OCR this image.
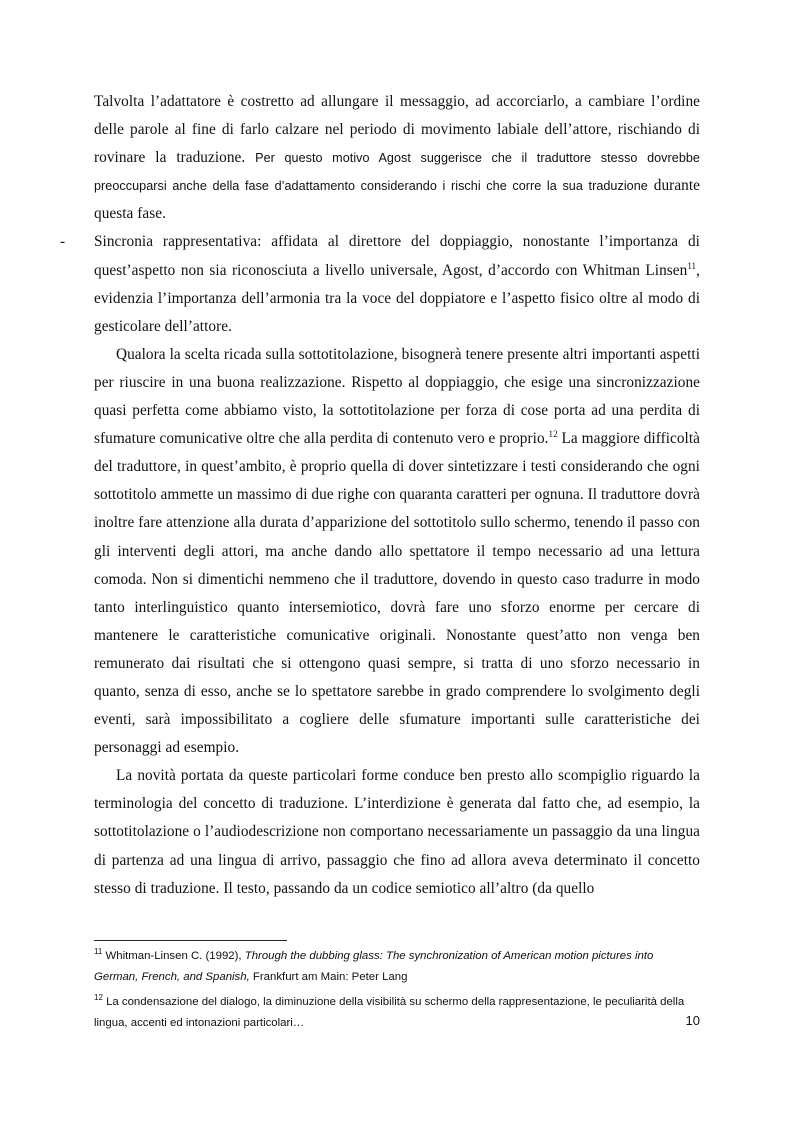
Talvolta l’adattatore è costretto ad allungare il messaggio, ad accorciarlo, a cambiare l’ordine delle parole al fine di farlo calzare nel periodo di movimento labiale dell’attore, rischiando di rovinare la traduzione. Per questo motivo Agost suggerisce che il traduttore stesso dovrebbe preoccuparsi anche della fase d’adattamento considerando i rischi che corre la sua traduzione durante questa fase.

- Sincronia rappresentativa: affidata al direttore del doppiaggio, nonostante l’importanza di quest’aspetto non sia riconosciuta a livello universale, Agost, d’accordo con Whitman Linsen$^{11}$, evidenzia l’importanza dell’armonia tra la voce del doppiatore e l’aspetto fisico oltre al modo di gesticolare dell’attore.

Qualora la scelta ricada sulla sottotitolazione, bisognerà tenere presente altri importanti aspetti per riuscire in una buona realizzazione. Rispetto al doppiaggio, che esige una sincronizzazione quasi perfetta come abbiamo visto, la sottotitolazione per forza di cose porta ad una perdita di sfumature comunicative oltre che alla perdita di contenuto vero e proprio.$^{12}$ La maggiore difficoltà del traduttore, in quest’ambito, è proprio quella di dover sintetizzare i testi considerando che ogni sottotitolo ammette un massimo di due righe con quaranta caratteri per ognuna. Il traduttore dovrà inoltre fare attenzione alla durata d’apparizione del sottotitolo sullo schermo, tenendo il passo con gli interventi degli attori, ma anche dando allo spettatore il tempo necessario ad una lettura comoda. Non si dimentichi nemmeno che il traduttore, dovendo in questo caso tradurre in modo tanto interlinguistico quanto intersemiotico, dovrà fare uno sforzo enorme per cercare di mantenere le caratteristiche comunicative originali. Nonostante quest’atto non venga ben remunerato dai risultati che si ottengono quasi sempre, si tratta di uno sforzo necessario in quanto, senza di esso, anche se lo spettatore sarebbe in grado comprendere lo svolgimento degli eventi, sarà impossibilitato a cogliere delle sfumature importanti sulle caratteristiche dei personaggi ad esempio.

La novità portata da queste particolari forme conduce ben presto allo scompiglio riguardo la terminologia del concetto di traduzione. L’interdizione è generata dal fatto che, ad esempio, la sottotitolazione o l’audiodescrizione non comportano necessariamente un passaggio da una lingua di partenza ad una lingua di arrivo, passaggio che fino ad allora aveva determinato il concetto stesso di traduzione. Il testo, passando da un codice semiotico all’altro (da quello

$^{11}$ Whitman-Linsen C. (1992), Through the dubbing glass: The synchronization of American motion pictures into German, French, and Spanish, Frankfurt am Main: Peter Lang
$^{12}$ La condensazione del dialogo, la diminuzione della visibilità su schermo della rappresentazione, le peculiarità della lingua, accenti ed intonazioni particolari…	10
